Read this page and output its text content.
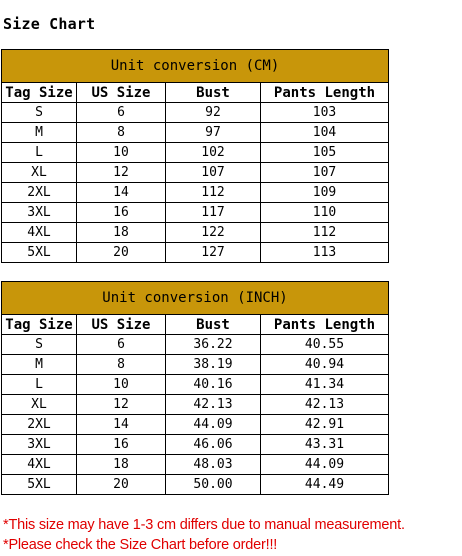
Size Chart
Unit conversion (CM)			
Tag Size	US Size	Bust	Pants Length
S	6	92	103
M	8	97	104
L	10	102	105
XL	12	107	107
2XL	14	112	109
3XL	16	117	110
4XL	18	122	112
5XL	20	127	113
Unit conversion (INCH)			
Tag Size	US Size	Bust	Pants Length
S	6	36.22	40.55
M	8	38.19	40.94
L	10	40.16	41.34
XL	12	42.13	42.13
2XL	14	44.09	42.91
3XL	16	46.06	43.31
4XL	18	48.03	44.09
5XL	20	50.00	44.49
*This size may have 1-3 cm differs due to manual measurement.
*Please check the Size Chart before order!!!
